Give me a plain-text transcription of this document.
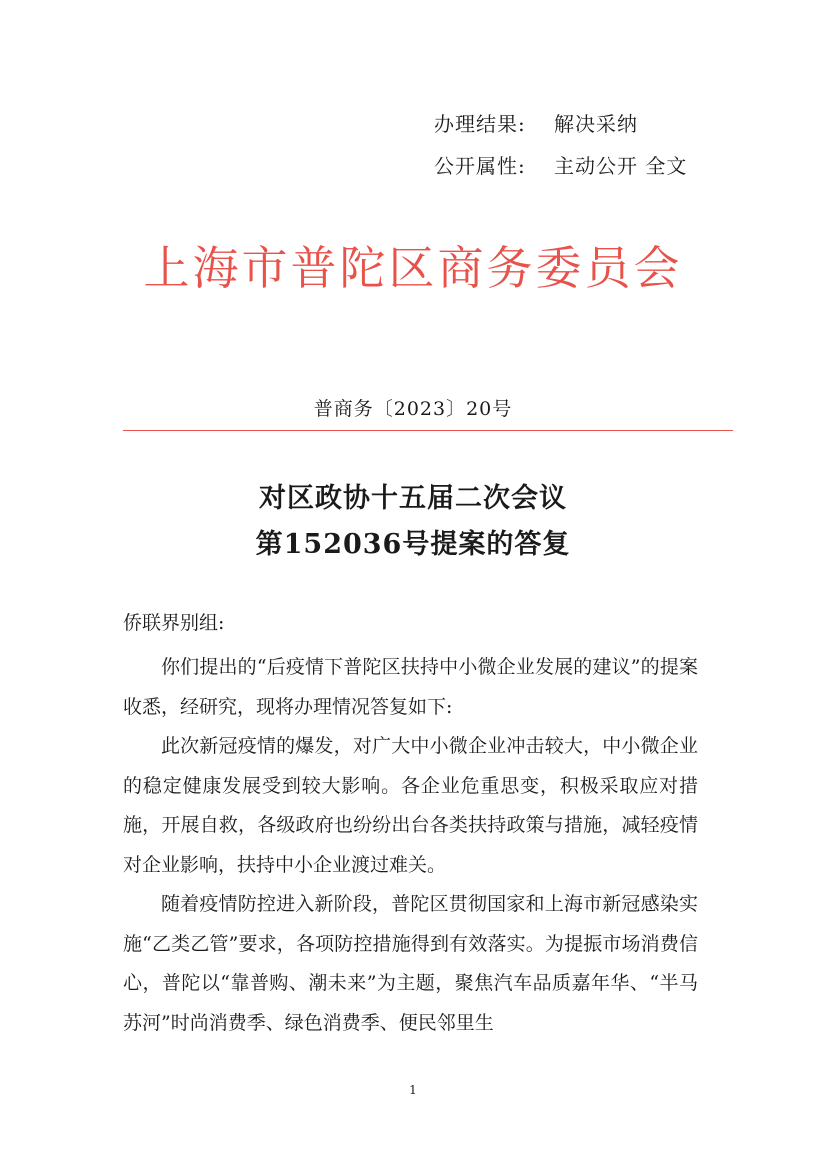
办理结果: 解决采纳
公开属性: 主动公开 全文
上海市普陀区商务委员会
普商务〔2023〕20号
对区政协十五届二次会议
第152036号提案的答复
侨联界别组:

你们提出的“后疫情下普陀区扶持中小微企业发展的建议”的提案收悉，经研究，现将办理情况答复如下:

此次新冠疫情的爆发，对广大中小微企业冲击较大，中小微企业的稳定健康发展受到较大影响。各企业危重思变，积极采取应对措施，开展自救，各级政府也纷纷出台各类扶持政策与措施，减轻疫情对企业影响，扶持中小企业渡过难关。

随着疫情防控进入新阶段，普陀区贯彻国家和上海市新冠感染实施“乙类乙管”要求，各项防控措施得到有效落实。为提振市场消费信心，普陀以“靠普购、潮未来”为主题，聚焦汽车品质嘉年华、“半马苏河”时尚消费季、绿色消费季、便民邻里生

1
